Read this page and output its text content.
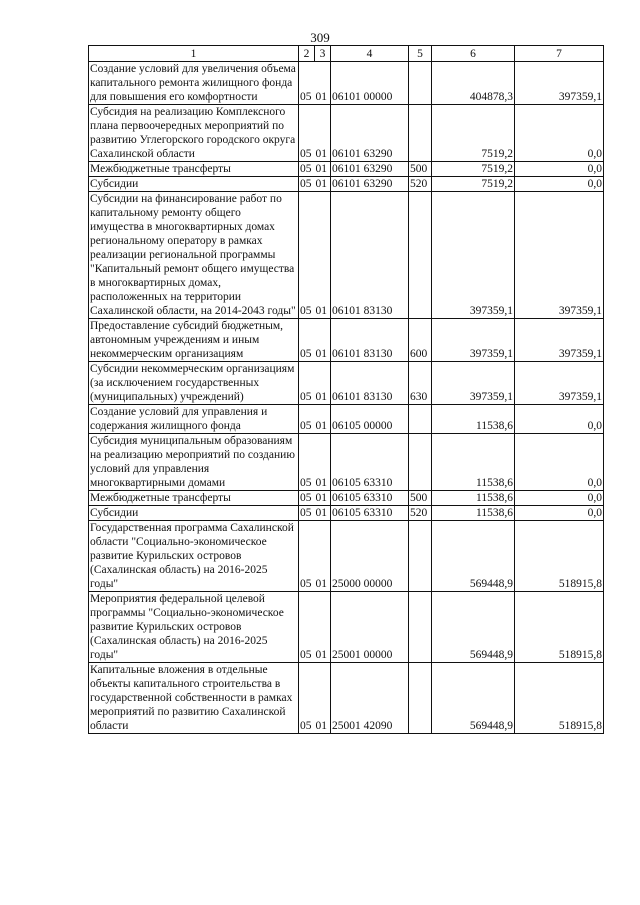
309
1	2	3	4	5	6	7
Создание условий для увеличения объема капитального ремонта жилищного фонда для повышения его комфортности	05	01	06101 00000		404878,3	397359,1
Субсидия на реализацию Комплексного плана первоочередных мероприятий по развитию Углегорского городского округа Сахалинской области	05	01	06101 63290		7519,2	0,0
Межбюджетные трансферты	05	01	06101 63290	500	7519,2	0,0
Субсидии	05	01	06101 63290	520	7519,2	0,0
Субсидии на финансирование работ по капитальному ремонту общего имущества в многоквартирных домах региональному оператору в рамках реализации региональной программы "Капитальный ремонт общего имущества в многоквартирных домах, расположенных на территории Сахалинской области, на 2014-2043 годы"	05	01	06101 83130		397359,1	397359,1
Предоставление субсидий бюджетным, автономным учреждениям и иным некоммерческим организациям	05	01	06101 83130	600	397359,1	397359,1
Субсидии некоммерческим организациям (за исключением государственных (муниципальных) учреждений)	05	01	06101 83130	630	397359,1	397359,1
Создание условий для управления и содержания жилищного фонда	05	01	06105 00000		11538,6	0,0
Субсидия муниципальным образованиям на реализацию мероприятий по созданию условий для управления многоквартирными домами	05	01	06105 63310		11538,6	0,0
Межбюджетные трансферты	05	01	06105 63310	500	11538,6	0,0
Субсидии	05	01	06105 63310	520	11538,6	0,0
Государственная программа Сахалинской области "Социально-экономическое развитие Курильских островов (Сахалинская область) на 2016-2025 годы"	05	01	25000 00000		569448,9	518915,8
Мероприятия федеральной целевой программы "Социально-экономическое развитие Курильских островов (Сахалинская область) на 2016-2025 годы"	05	01	25001 00000		569448,9	518915,8
Капитальные вложения в отдельные объекты капитального строительства в государственной собственности в рамках мероприятий по развитию Сахалинской области	05	01	25001 42090		569448,9	518915,8
